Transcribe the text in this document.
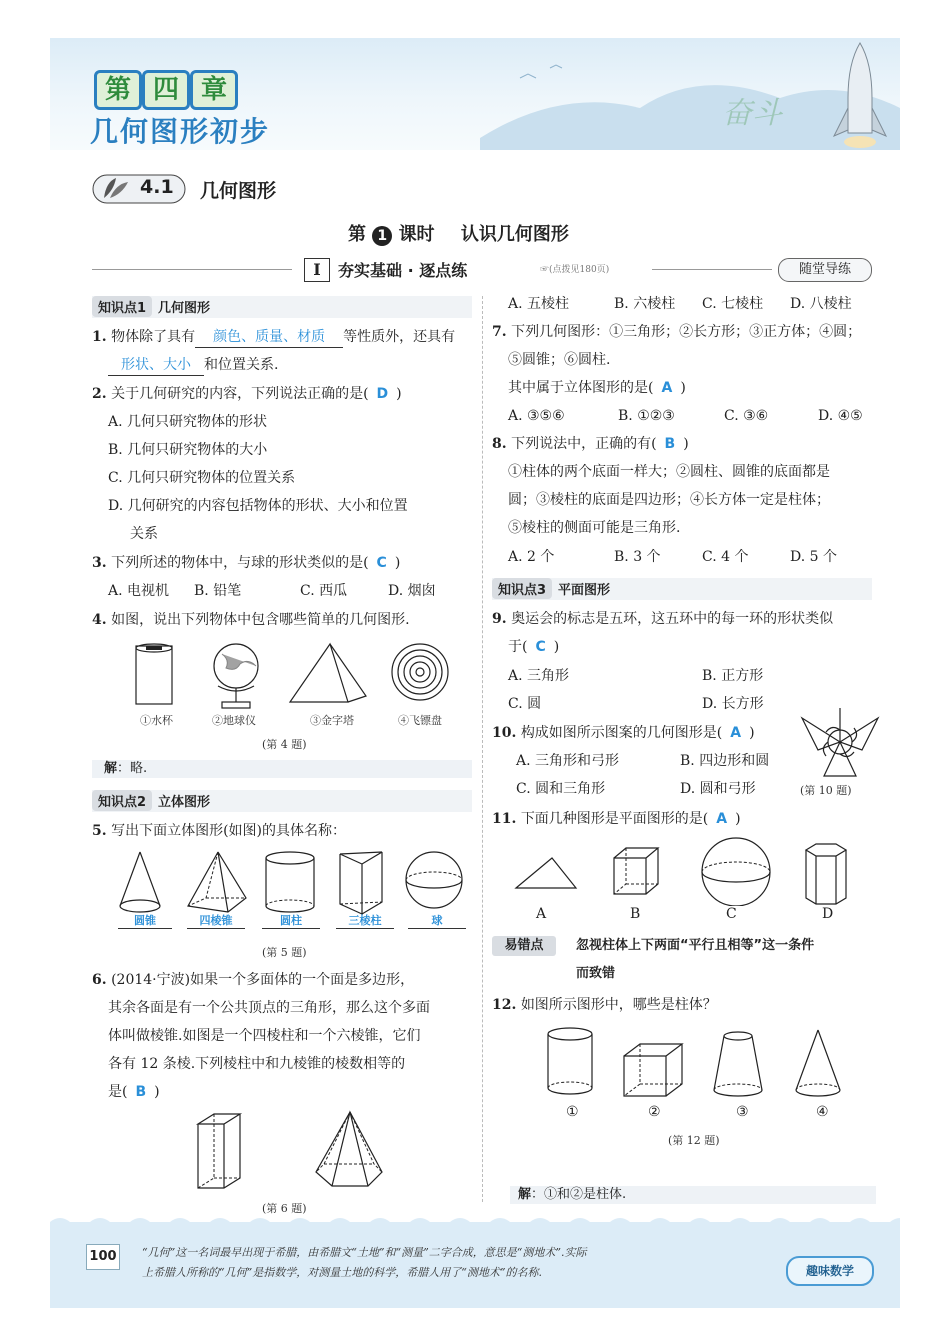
第 四 章
几何图形初步
奋斗
4.1 几何图形
第 1 课时 认识几何图形
Ⅰ	夯实基础 · 逐点练	☞(点拨见180页)	随堂导练
知识点1 几何图形
1. 物体除了具有 颜色、质量、材质 等性质外，还具有
形状、大小 和位置关系.
2. 关于几何研究的内容，下列说法正确的是( D )
A. 几何只研究物体的形状
B. 几何只研究物体的大小
C. 几何只研究物体的位置关系
D. 几何研究的内容包括物体的形状、大小和位置
关系
3. 下列所述的物体中，与球的形状类似的是( C )
A. 电视机 B. 铅笔	C. 西瓜	D. 烟囱
4. 如图，说出下列物体中包含哪些简单的几何图形.
①水杯	②地球仪	③金字塔	④飞镖盘
(第 4 题)
解：略.
知识点2 立体图形
5. 写出下面立体图形(如图)的具体名称：
圆锥	四棱锥	圆柱	三棱柱	球
(第 5 题)
6. (2014·宁波)如果一个多面体的一个面是多边形，
其余各面是有一个公共顶点的三角形，那么这个多面
体叫做棱锥.如图是一个四棱柱和一个六棱锥，它们
各有 12 条棱.下列棱柱中和九棱锥的棱数相等的
是( B )
(第 6 题)
A. 五棱柱	B. 六棱柱 C. 七棱柱 D. 八棱柱
7. 下列几何图形：①三角形；②长方形；③正方体；④圆；
⑤圆锥；⑥圆柱.
其中属于立体图形的是( A )
A. ③⑤⑥	B. ①②③	C. ③⑥	D. ④⑤
8. 下列说法中，正确的有( B )
①柱体的两个底面一样大；②圆柱、圆锥的底面都是
圆；③棱柱的底面是四边形；④长方体一定是柱体；
⑤棱柱的侧面可能是三角形.
A. 2 个	B. 3 个	C. 4 个	D. 5 个
知识点3 平面图形
9. 奥运会的标志是五环，这五环中的每一环的形状类似
于( C )
A. 三角形	B. 正方形
C. 圆	D. 长方形
10. 构成如图所示图案的几何图形是( A )
A. 三角形和弓形	B. 四边形和圆
C. 圆和三角形	D. 圆和弓形	(第 10 题)
11. 下面几种图形是平面图形的是( A )
A	B	C	D
易错点	忽视柱体上下两面“平行且相等”这一条件
而致错
12. 如图所示图形中，哪些是柱体？
①	②	③	④
(第 12 题)
解：①和②是柱体.
100	“几何”这一名词最早出现于希腊，由希腊文“土地”和“测量”二字合成，意思是“测地术”.实际
上希腊人所称的“几何”是指数学，对测量土地的科学，希腊人用了“测地术”的名称.	趣味数学
